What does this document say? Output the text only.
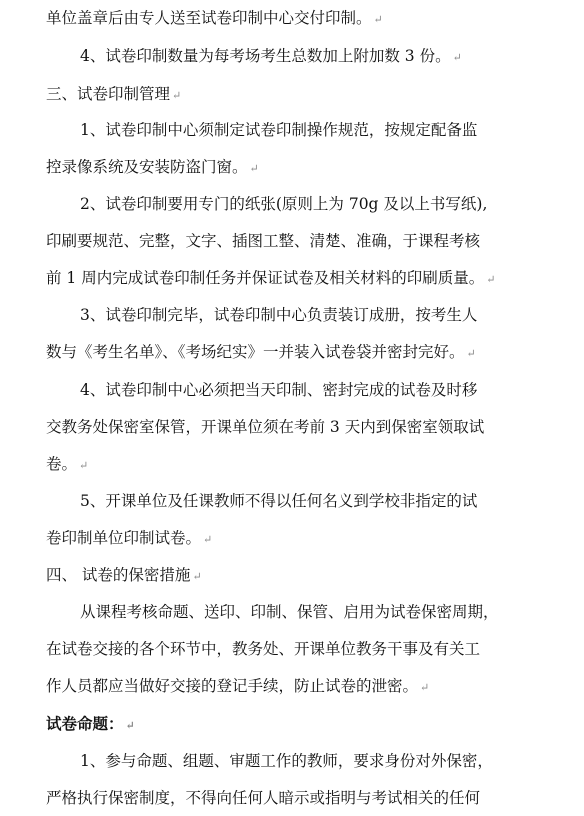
单位盖章后由专人送至试卷印制中心交付印制。 ↵
4、试卷印制数量为每考场考生总数加上附加数 3 份。 ↵
三、试卷印制管理 ↵
1、试卷印制中心须制定试卷印制操作规范，按规定配备监
控录像系统及安装防盗门窗。 ↵
2、试卷印制要用专门的纸张(原则上为 70g 及以上书写纸),
印刷要规范、完整，文字、插图工整、清楚、准确，于课程考核
前 1 周内完成试卷印制任务并保证试卷及相关材料的印刷质量。 ↵
3、试卷印制完毕，试卷印制中心负责装订成册，按考生人
数与《考生名单》、《考场纪实》一并装入试卷袋并密封完好。 ↵
4、试卷印制中心必须把当天印制、密封完成的试卷及时移
交教务处保密室保管，开课单位须在考前 3 天内到保密室领取试
卷。 ↵
5、开课单位及任课教师不得以任何名义到学校非指定的试
卷印制单位印制试卷。 ↵
四、 试卷的保密措施 ↵
从课程考核命题、送印、印制、保管、启用为试卷保密周期，
在试卷交接的各个环节中，教务处、开课单位教务干事及有关工
作人员都应当做好交接的登记手续，防止试卷的泄密。 ↵
试卷命题： ↵
1、参与命题、组题、审题工作的教师，要求身份对外保密，
严格执行保密制度，不得向任何人暗示或指明与考试相关的任何
